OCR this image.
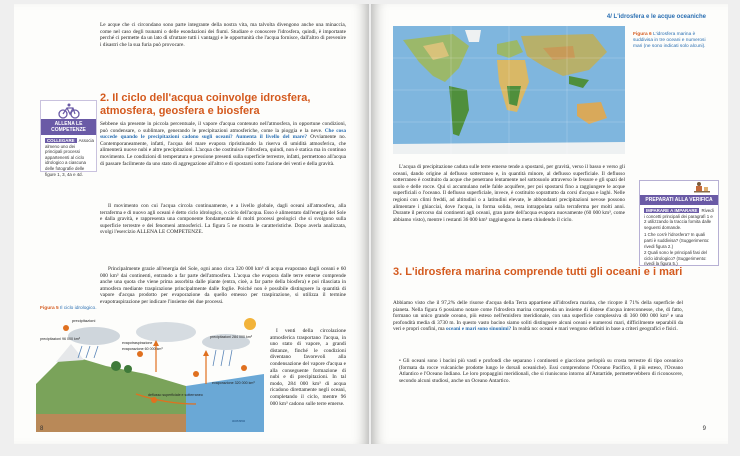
Le acque che ci circondano sono parte integrante della nostra vita, ma talvolta divengono anche una minaccia, come nel caso degli tsunami o delle esondazioni dei fiumi. Studiare e conoscere l'idrosfera, quindi, è importante perché ci permette da un lato di sfruttare tutti i vantaggi e le opportunità che l'acqua fornisce, dall'altro di prevenire i disastri che la sua furia può provocare.

2. Il ciclo dell'acqua coinvolge idrosfera, atmosfera, geosfera e biosfera

ALLENA LE COMPETENZE
COLLEGARE Associa almeno uno dei principali processi appartenenti al ciclo idrologico a ciascuna delle fotografie delle figure 1, 3, 4a e 4d.

Sebbene sia presente in piccola percentuale, il vapore d'acqua contenuto nell'atmosfera, in opportune condizioni, può condensare, o sublimare, generando le precipitazioni atmosferiche, come la pioggia e la neve. Che cosa succede quando le precipitazioni cadono sugli oceani? Aumenta il livello del mare? Ovviamente no. Contemporaneamente, infatti, l'acqua del mare evapora ripristinando la riserva di umidità atmosferica, che alimenterà nuove nubi e altre precipitazioni. L'acqua che costituisce l'idrosfera, quindi, non è statica ma in continuo movimento. Le condizioni di temperatura e pressione presenti sulla superficie terrestre, infatti, permettono all'acqua di passare facilmente da uno stato di aggregazione all'altro e di spostarsi sotto l'azione dei venti e della gravità.

Il movimento con cui l'acqua circola continuamente, e a livello globale, dagli oceani all'atmosfera, alla terraferma e di nuovo agli oceani è detto ciclo idrologico, o ciclo dell'acqua. Esso è alimentato dall'energia del Sole e dalla gravità, e rappresenta una componente fondamentale di molti processi geologici che si svolgono sulla superficie terrestre e dei fenomeni atmosferici. La figura 5 ne mostra le caratteristiche. Dopo averla analizzata, svolgi l'esercizio ALLENA LE COMPETENZE.

Principalmente grazie all'energia del Sole, ogni anno circa 320 000 km³ di acqua evaporano dagli oceani e 60 000 km³ dai continenti, entrando a far parte dell'atmosfera. L'acqua che evapora dalle terre emerse comprende anche una quota che viene prima assorbita dalle piante (entra, cioè, a far parte della biosfera) e poi rilasciata in atmosfera mediante traspirazione principalmente dalle foglie. Poiché non è possibile distinguere la quantità di vapore d'acqua prodotto per evaporazione da quello emesso per traspirazione, si utilizza il termine evapotraspirazione per indicare l'insieme dei due processi.

I venti della circolazione atmosferica trasportano l'acqua, in uno stato di vapore, a grandi distanze, finché le condizioni diventano favorevoli alla condensazione del vapore d'acqua e alla conseguente formazione di nubi e di precipitazioni. In tal modo, 284 000 km³ di acqua ricadono direttamente negli oceani, completando il ciclo, mentre 96 000 km³ cadono sulle terre emerse.

Figura 5 Il ciclo idrologico.
precipitazioni
precipitazioni 96 000 km³
evapotraspirazione
evaporazione 60 000 km³
precipitazioni 284 000 km³
evaporazione 320 000 km³
deflusso superficiale e sotterraneo
oceano
8
4/ L'idrosfera e le acque oceaniche
Figura 6 L'idrosfera marina è suddivisa in tre oceani e numerosi mari (ne sono indicati solo alcuni).

L'acqua di precipitazione caduta sulle terre emerse tende a spostarsi, per gravità, verso il basso e verso gli oceani, dando origine al deflusso sotterraneo e, in quantità minore, al deflusso superficiale. Il deflusso sotterraneo è costituito da acque che penetrano lentamente nel sottosuolo attraverso le fessure e gli spazi del suolo e delle rocce. Qui si accumulano nelle falde acquifere, per poi spostarsi fino a raggiungere le acque superficiali o l'oceano. Il deflusso superficiale, invece, è costituito soprattutto da corsi d'acqua e laghi. Nelle regioni con climi freddi, ad altitudini o a latitudini elevate, le abbondanti precipitazioni nevose possono alimentare i ghiacciai, dove l'acqua, in forma solida, resta intrappolata sulla terraferma per molti anni. Durante il percorso dai continenti agli oceani, gran parte dell'acqua evapora nuovamente (60 000 km³, come abbiamo visto), mentre i restanti 36 000 km³ raggiungono la meta chiudendo il ciclo.

3. L'idrosfera marina comprende tutti gli oceani e i mari

Abbiamo visto che il 97,2% delle risorse d'acqua della Terra appartiene all'idrosfera marina, che ricopre il 71% della superficie del pianeta. Nella figura 6 possiamo notare come l'idrosfera marina comprenda un insieme di distese d'acqua interconnesse, che, di fatto, formano un unico grande oceano, più esteso nell'emisfero meridionale, con una superficie complessiva di 360 000 000 km² e una profondità media di 3730 m. In questo vasto bacino siamo soliti distinguere alcuni oceani e numerosi mari, difficilmente separabili da veri e propri confini, ma oceani e mari sono sinonimi? In realtà no: oceani e mari vengono definiti in base a criteri geografici e fisici.

• Gli oceani sono i bacini più vasti e profondi che separano i continenti e giacciono perlopiù su crosta terrestre di tipo oceanico (formata da rocce vulcaniche prodotte lungo le dorsali oceaniche). Essi comprendono l'Oceano Pacifico, il più esteso, l'Oceano Atlantico e l'Oceano Indiano. Le loro propaggini meridionali, che si riuniscono intorno all'Antartide, permettevebbero di riconoscere, secondo alcuni studiosi, anche un Oceano Antartico.

PREPARATI ALLA VERIFICA
IMPARARE A IMPARARE Rivedi i concetti principali dei paragrafi 1 e 2 utilizzando la traccia fornita dalle seguenti domande.
1 Che cos'è l'idrosfera? In quali parti è suddivisa? (Suggerimento: rivedi figura 2.)
2 Quali sono le principali fasi del ciclo idrologico? (Suggerimento: rivedi la figura 5.)
9
